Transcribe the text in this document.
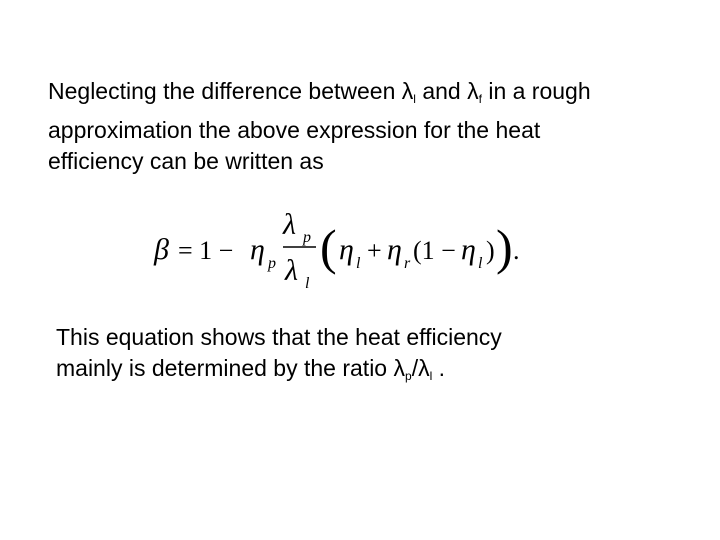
Neglecting the difference between $\lambda_l$ and $\lambda_f$ in a rough
approximation the above expression for the heat
efficiency can be written as
β = 1 − η p
λ p
λ l
( η l + η r (1 − η l ) ) .
This equation shows that the heat efficiency
mainly is determined by the ratio $\lambda_p/\lambda_l$ .
